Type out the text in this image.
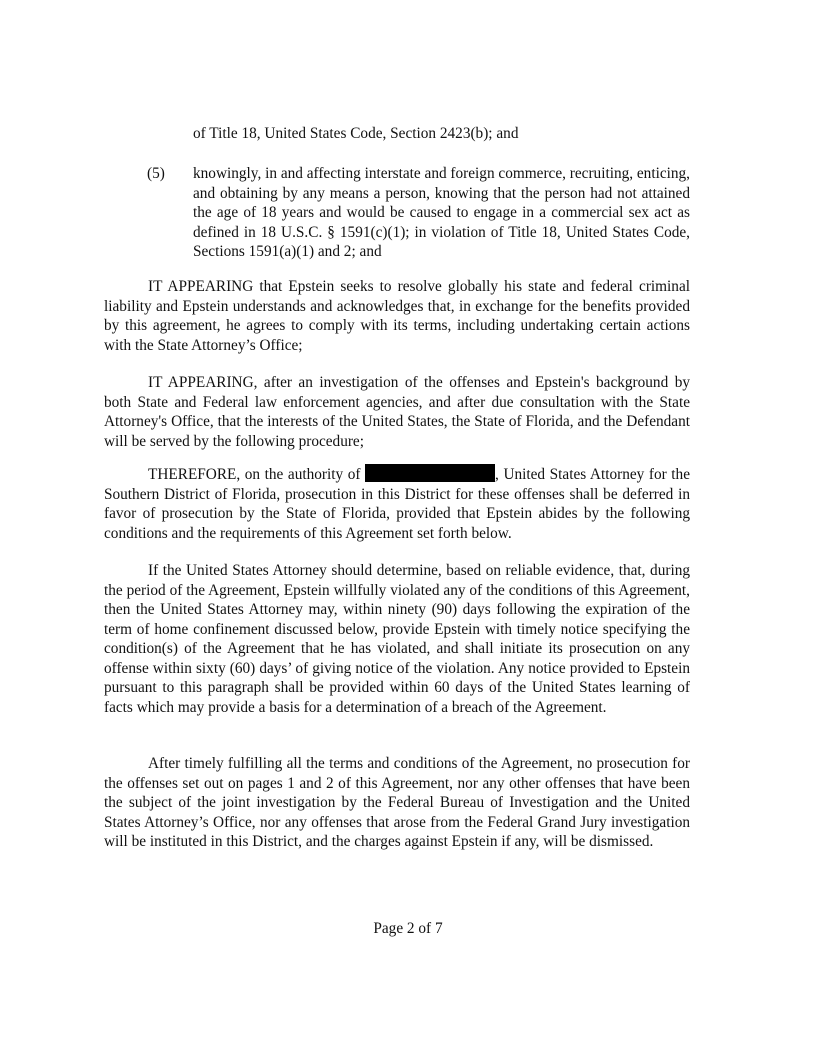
of Title 18, United States Code, Section 2423(b); and

(5) knowingly, in and affecting interstate and foreign commerce, recruiting, enticing, and obtaining by any means a person, knowing that the person had not attained the age of 18 years and would be caused to engage in a commercial sex act as defined in 18 U.S.C. § 1591(c)(1); in violation of Title 18, United States Code, Sections 1591(a)(1) and 2; and

IT APPEARING that Epstein seeks to resolve globally his state and federal criminal liability and Epstein understands and acknowledges that, in exchange for the benefits provided by this agreement, he agrees to comply with its terms, including undertaking certain actions with the State Attorney’s Office;

IT APPEARING, after an investigation of the offenses and Epstein's background by both State and Federal law enforcement agencies, and after due consultation with the State Attorney's Office, that the interests of the United States, the State of Florida, and the Defendant will be served by the following procedure;

THEREFORE, on the authority of	, United States Attorney for the Southern District of Florida, prosecution in this District for these offenses shall be deferred in favor of prosecution by the State of Florida, provided that Epstein abides by the following conditions and the requirements of this Agreement set forth below.

If the United States Attorney should determine, based on reliable evidence, that, during the period of the Agreement, Epstein willfully violated any of the conditions of this Agreement, then the United States Attorney may, within ninety (90) days following the expiration of the term of home confinement discussed below, provide Epstein with timely notice specifying the condition(s) of the Agreement that he has violated, and shall initiate its prosecution on any offense within sixty (60) days’ of giving notice of the violation. Any notice provided to Epstein pursuant to this paragraph shall be provided within 60 days of the United States learning of facts which may provide a basis for a determination of a breach of the Agreement.

After timely fulfilling all the terms and conditions of the Agreement, no prosecution for the offenses set out on pages 1 and 2 of this Agreement, nor any other offenses that have been the subject of the joint investigation by the Federal Bureau of Investigation and the United States Attorney’s Office, nor any offenses that arose from the Federal Grand Jury investigation will be instituted in this District, and the charges against Epstein if any, will be dismissed.

Page 2 of 7
